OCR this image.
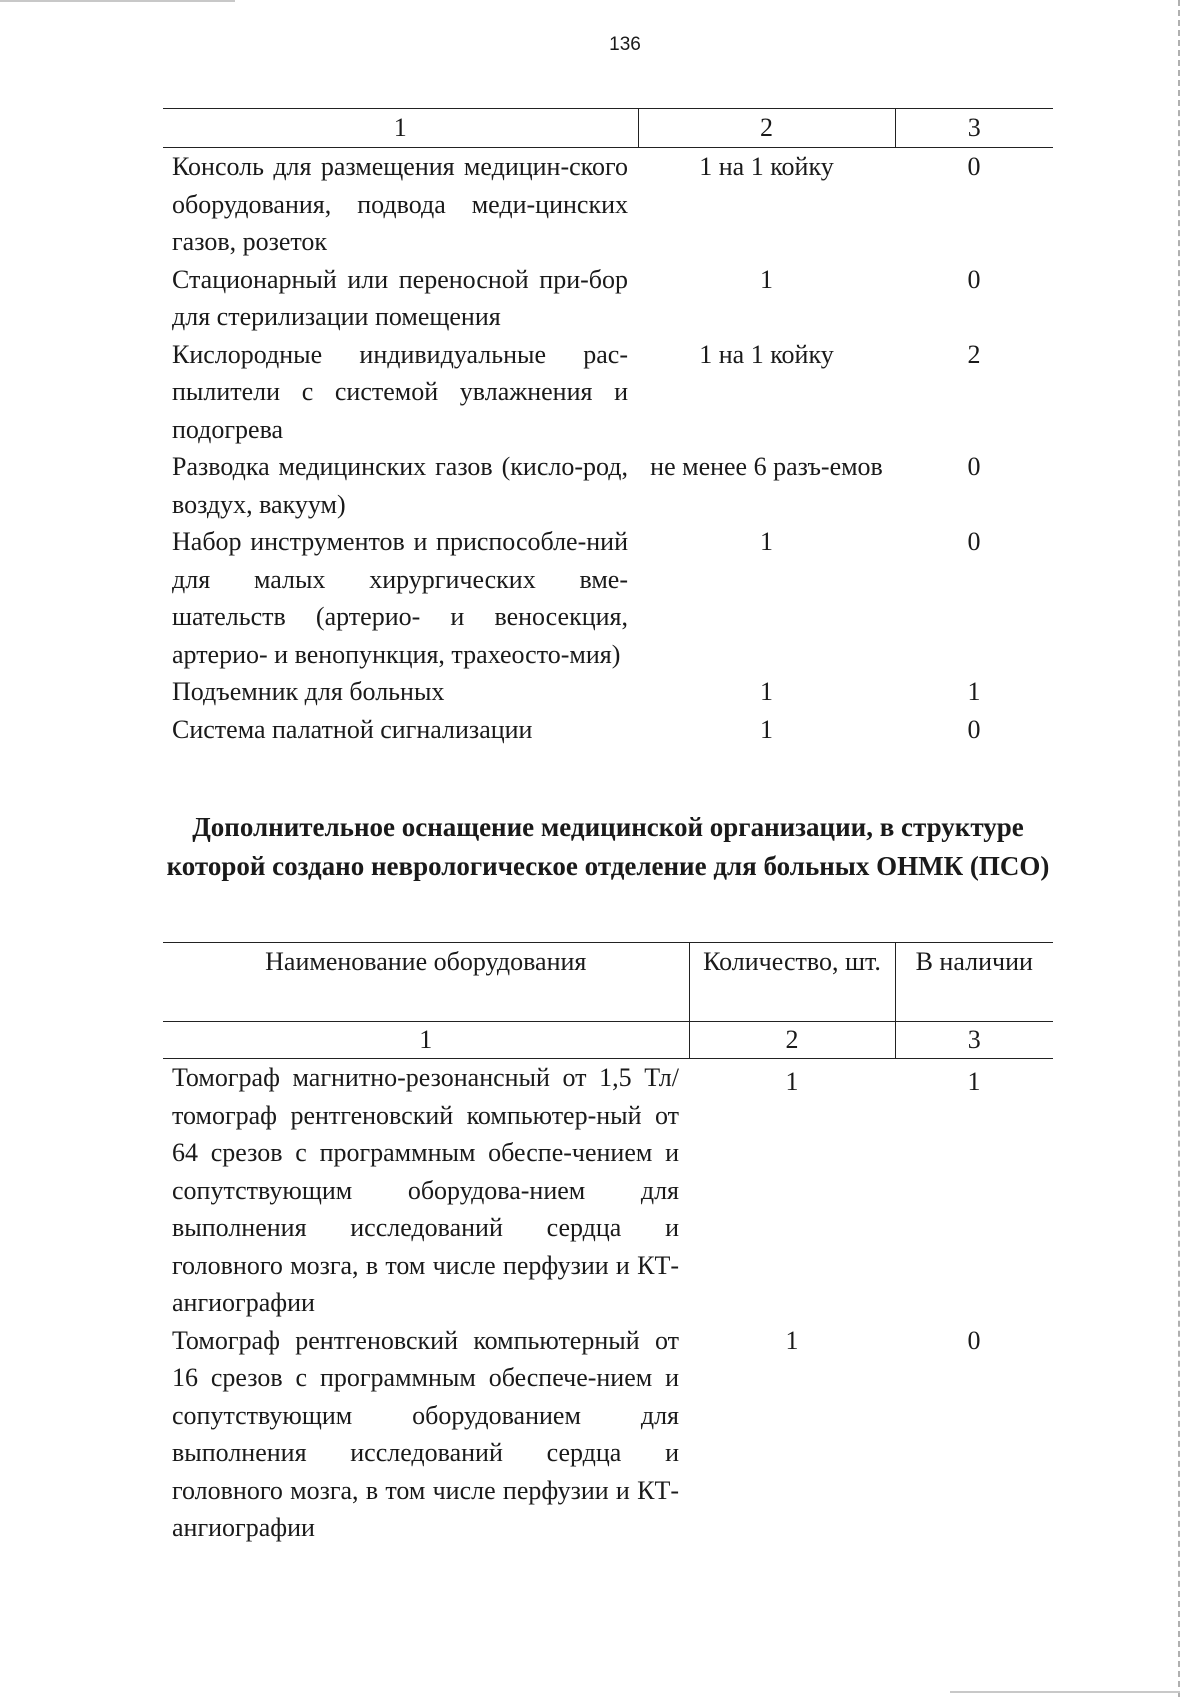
136
1	2	3
Консоль для размещения медицин-ского оборудования, подвода меди-цинских газов, розеток	1 на 1 койку	0
Стационарный или переносной при-бор для стерилизации помещения	1	0
Кислородные индивидуальные рас-пылители с системой увлажнения и подогрева	1 на 1 койку	2
Разводка медицинских газов (кисло-род, воздух, вакуум)	не менее 6 разъ-емов	0
Набор инструментов и приспособле-ний для малых хирургических вме-шательств (артерио- и веносекция, артерио- и венопункция, трахеосто-мия)	1	0
Подъемник для больных	1	1
Система палатной сигнализации	1	0
Дополнительное оснащение медицинской организации, в структуре которой создано неврологическое отделение для больных ОНМК (ПСО)
Наименование оборудования	Количество, шт.	В наличии
1	2	3
Томограф магнитно-резонансный от 1,5 Тл/томограф рентгеновский компьютер-ный от 64 срезов с программным обеспе-чением и сопутствующим оборудова-нием для выполнения исследований сердца и головного мозга, в том числе перфузии и КТ-ангиографии	1	1
Томограф рентгеновский компьютерный от 16 срезов с программным обеспече-нием и сопутствующим оборудованием для выполнения исследований сердца и головного мозга, в том числе перфузии и КТ-ангиографии	1	0
